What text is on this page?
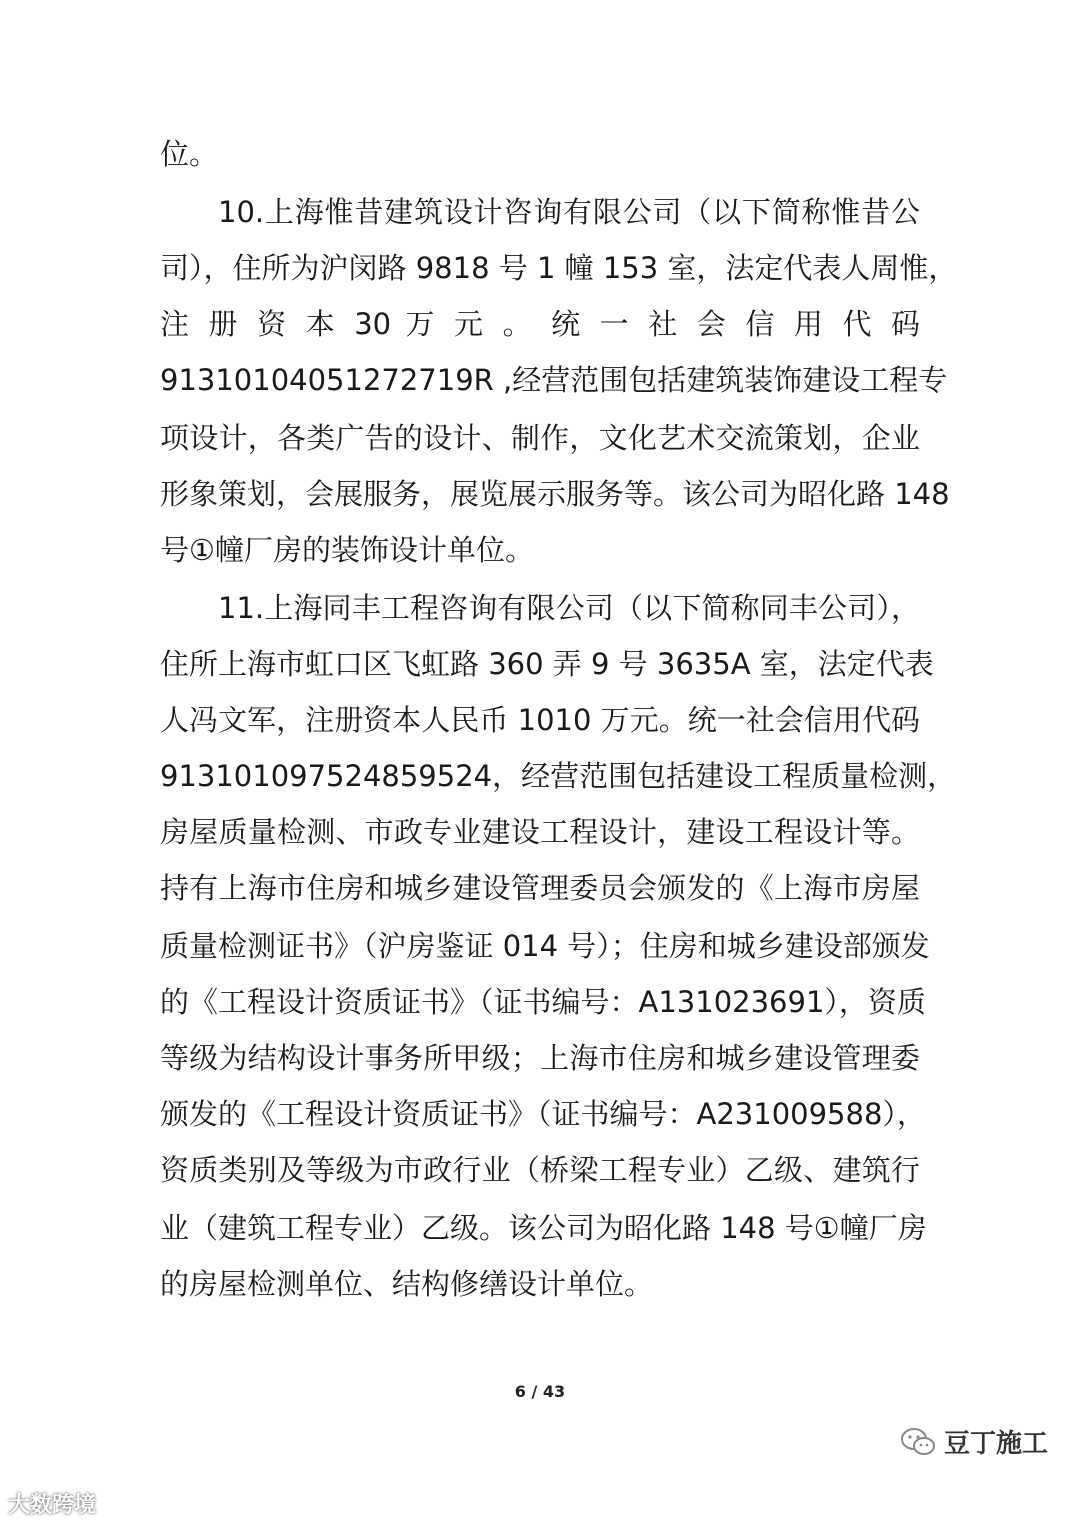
位。
10.上海惟昔建筑设计咨询有限公司（以下简称惟昔公
司），住所为沪闵路 9818 号 1 幢 153 室，法定代表人周惟，
注 册 资 本 30 万 元 。 统 一 社 会 信 用 代 码
91310104051272719R ,经营范围包括建筑装饰建设工程专
项设计，各类广告的设计、制作，文化艺术交流策划，企业
形象策划，会展服务，展览展示服务等。该公司为昭化路 148
号①幢厂房的装饰设计单位。
11.上海同丰工程咨询有限公司（以下简称同丰公司），
住所上海市虹口区飞虹路 360 弄 9 号 3635A 室，法定代表
人冯文军，注册资本人民币 1010 万元。统一社会信用代码
913101097524859524，经营范围包括建设工程质量检测，
房屋质量检测、市政专业建设工程设计，建设工程设计等。
持有上海市住房和城乡建设管理委员会颁发的《上海市房屋
质量检测证书》（沪房鉴证 014 号）；住房和城乡建设部颁发
的《工程设计资质证书》（证书编号：A131023691），资质
等级为结构设计事务所甲级；上海市住房和城乡建设管理委
颁发的《工程设计资质证书》（证书编号：A231009588），
资质类别及等级为市政行业（桥梁工程专业）乙级、建筑行
业（建筑工程专业）乙级。该公司为昭化路 148 号①幢厂房
的房屋检测单位、结构修缮设计单位。
6 / 43
豆丁施工
大数跨境
